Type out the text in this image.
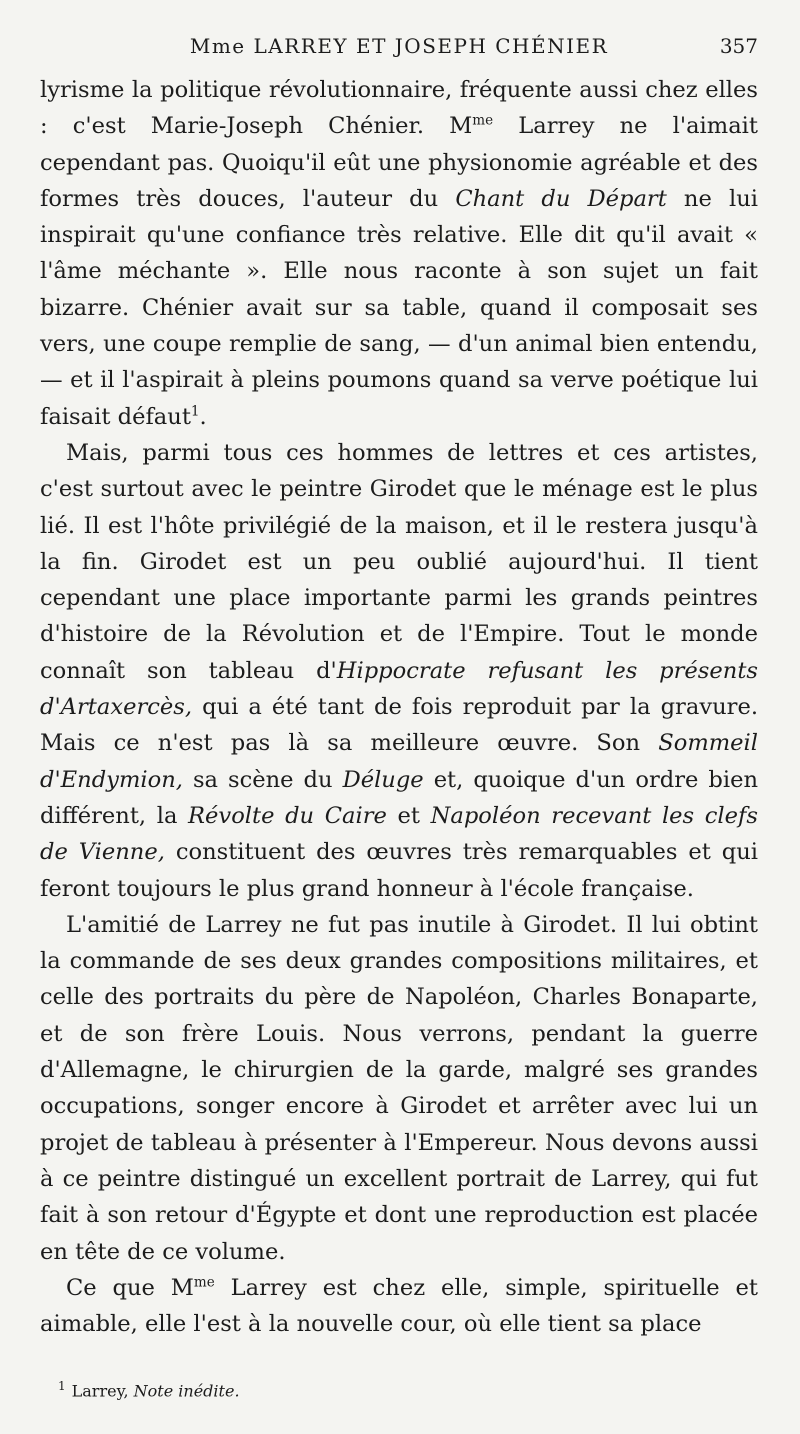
Mme LARREY ET JOSEPH CHÉNIER	357

lyrisme la politique révolutionnaire, fréquente aussi chez elles : c'est Marie-Joseph Chénier. $M^{me}$ Larrey ne l'aimait cependant pas. Quoiqu'il eût une physionomie agréable et des formes très douces, l'auteur du Chant du Départ ne lui inspirait qu'une confiance très relative. Elle dit qu'il avait « l'âme méchante ». Elle nous raconte à son sujet un fait bizarre. Chénier avait sur sa table, quand il composait ses vers, une coupe remplie de sang, — d'un animal bien entendu, — et il l'aspirait à pleins poumons quand sa verve poétique lui faisait défaut$^1$.

Mais, parmi tous ces hommes de lettres et ces artistes, c'est surtout avec le peintre Girodet que le ménage est le plus lié. Il est l'hôte privilégié de la maison, et il le restera jusqu'à la fin. Girodet est un peu oublié aujourd'hui. Il tient cependant une place importante parmi les grands peintres d'histoire de la Révolution et de l'Empire. Tout le monde connaît son tableau d'Hippocrate refusant les présents d'Artaxercès, qui a été tant de fois reproduit par la gravure. Mais ce n'est pas là sa meilleure œuvre. Son Sommeil d'Endymion, sa scène du Déluge et, quoique d'un ordre bien différent, la Révolte du Caire et Napoléon recevant les clefs de Vienne, constituent des œuvres très remarquables et qui feront toujours le plus grand honneur à l'école française.

L'amitié de Larrey ne fut pas inutile à Girodet. Il lui obtint la commande de ses deux grandes compositions militaires, et celle des portraits du père de Napoléon, Charles Bonaparte, et de son frère Louis. Nous verrons, pendant la guerre d'Allemagne, le chirurgien de la garde, malgré ses grandes occupations, songer encore à Girodet et arrêter avec lui un projet de tableau à présenter à l'Empereur. Nous devons aussi à ce peintre distingué un excellent portrait de Larrey, qui fut fait à son retour d'Égypte et dont une reproduction est placée en tête de ce volume.

Ce que $M^{me}$ Larrey est chez elle, simple, spirituelle et aimable, elle l'est à la nouvelle cour, où elle tient sa place

$^1$ Larrey, Note inédite.
